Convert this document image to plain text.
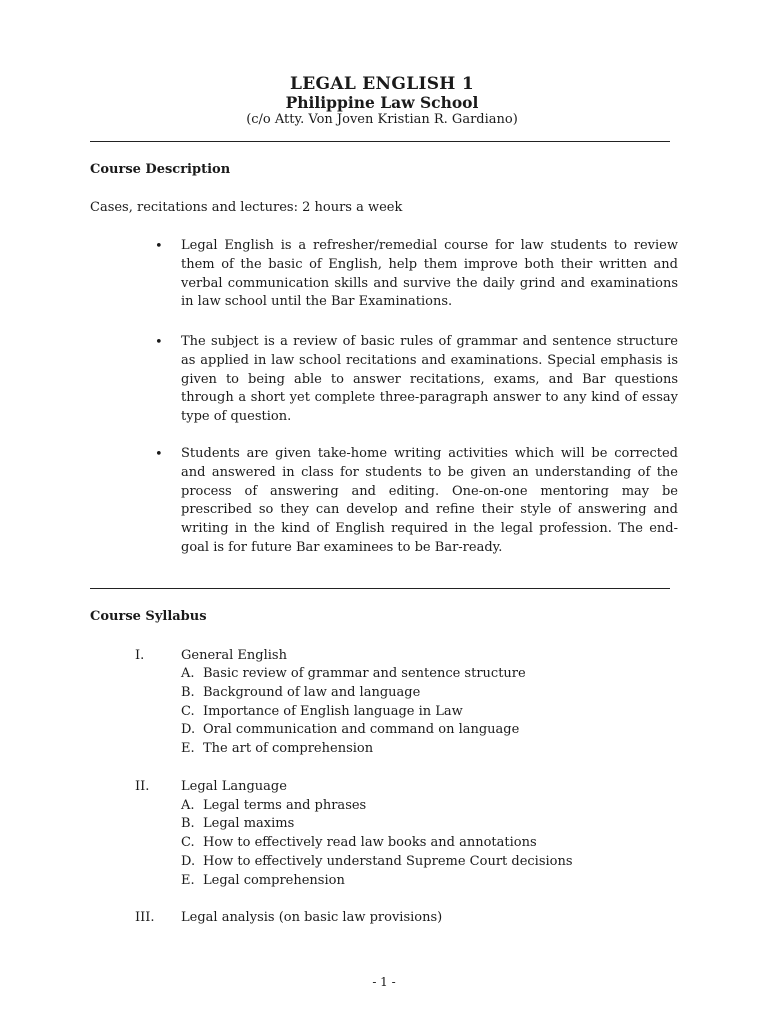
LEGAL ENGLISH 1
Philippine Law School
(c/o Atty. Von Joven Kristian R. Gardiano)
Course Description
Cases, recitations and lectures: 2 hours a week
• Legal English is a refresher/remedial course for law students to review them of the basic of English, help them improve both their written and verbal communication skills and survive the daily grind and examinations in law school until the Bar Examinations.

• The subject is a review of basic rules of grammar and sentence structure as applied in law school recitations and examinations. Special emphasis is given to being able to answer recitations, exams, and Bar questions through a short yet complete three-paragraph answer to any kind of essay type of question.

• Students are given take-home writing activities which will be corrected and answered in class for students to be given an understanding of the process of answering and editing. One-on-one mentoring may be prescribed so they can develop and refine their style of answering and writing in the kind of English required in the legal profession. The end-goal is for future Bar examinees to be Bar-ready.

Course Syllabus
I.	General English
A. Basic review of grammar and sentence structure
B. Background of law and language
C. Importance of English language in Law
D. Oral communication and command on language
E. The art of comprehension
II. Legal Language
A. Legal terms and phrases
B. Legal maxims
C. How to effectively read law books and annotations
D. How to effectively understand Supreme Court decisions
E. Legal comprehension
III. Legal analysis (on basic law provisions)
- 1 -
